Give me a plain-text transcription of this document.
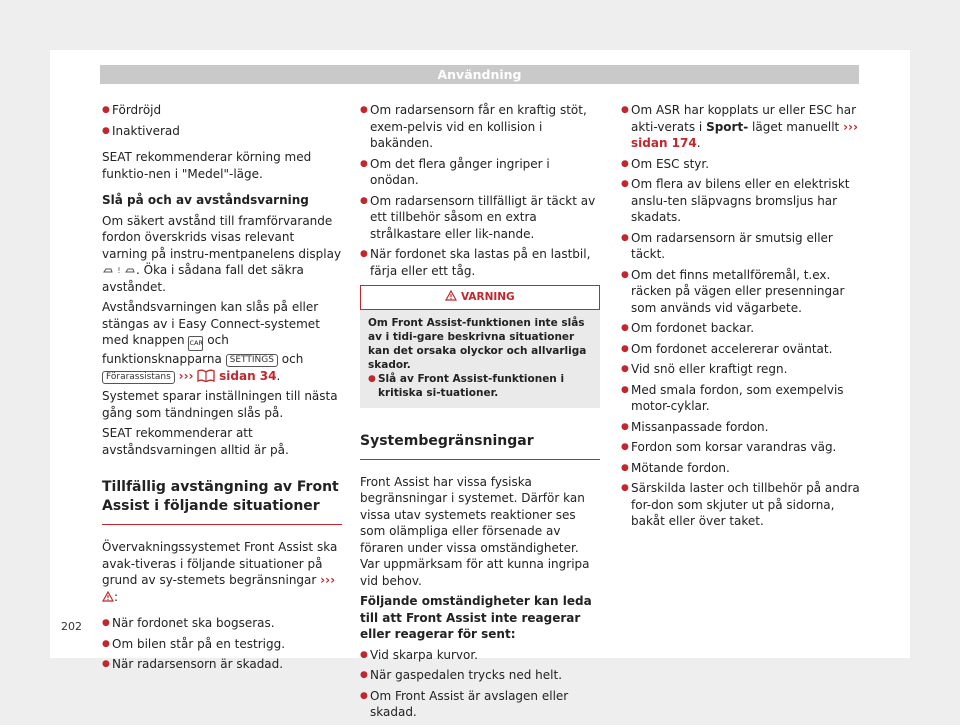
Användning
● Fördröjd
● Inaktiverad

SEAT rekommenderar körning med funktio-nen i "Medel"-läge.

Slå på och av avståndsvarning

Om säkert avstånd till framförvarande fordon överskrids visas relevant varning på instru-mentpanelens display
! . Öka i sådana fall det säkra avståndet.

Avståndsvarningen kan slås på eller stängas av i Easy Connect-systemet med knappen CAR och funktionsknapparna SETTINGS och Förarassistans ››› sidan 34.

Systemet sparar inställningen till nästa gång som tändningen slås på.

SEAT rekommenderar att avståndsvarningen alltid är på.

Tillfällig avstängning av Front Assist i följande situationer

Övervakningssystemet Front Assist ska avak-tiveras i följande situationer på grund av sy-stemets begränsningar ››› :

● När fordonet ska bogseras.
● Om bilen står på en testrigg.
● När radarsensorn är skadad.
● Om radarsensorn får en kraftig stöt, exem-pelvis vid en kollision i bakänden.
● Om det flera gånger ingriper i onödan.
● Om radarsensorn tillfälligt är täckt av ett tillbehör såsom en extra strålkastare eller lik-nande.
● När fordonet ska lastas på en lastbil, färja eller ett tåg.
VARNING
Om Front Assist-funktionen inte slås av i tidi-gare beskrivna situationer kan det orsaka olyckor och allvarliga skador.
● Slå av Front Assist-funktionen i kritiska si-tuationer.
Systembegränsningar

Front Assist har vissa fysiska begränsningar i systemet. Därför kan vissa utav systemets reaktioner ses som olämpliga eller försenade av föraren under vissa omständigheter. Var uppmärksam för att kunna ingripa vid behov.

Följande omständigheter kan leda till att Front Assist inte reagerar eller reagerar för sent:

● Vid skarpa kurvor.
● När gaspedalen trycks ned helt.
● Om Front Assist är avslagen eller skadad.
● Om ASR har kopplats ur eller ESC har akti-verats i Sport- läget manuellt ››› sidan 174.
● Om ESC styr.
● Om flera av bilens eller en elektriskt anslu-ten släpvagns bromsljus har skadats.
● Om radarsensorn är smutsig eller täckt.
● Om det finns metallföremål, t.ex. räcken på vägen eller presenningar som används vid vägarbete.
● Om fordonet backar.
● Om fordonet accelererar oväntat.
● Vid snö eller kraftigt regn.
● Med smala fordon, som exempelvis motor-cyklar.
● Missanpassade fordon.
● Fordon som korsar varandras väg.
● Mötande fordon.
● Särskilda laster och tillbehör på andra for-don som skjuter ut på sidorna, bakåt eller över taket.
202
